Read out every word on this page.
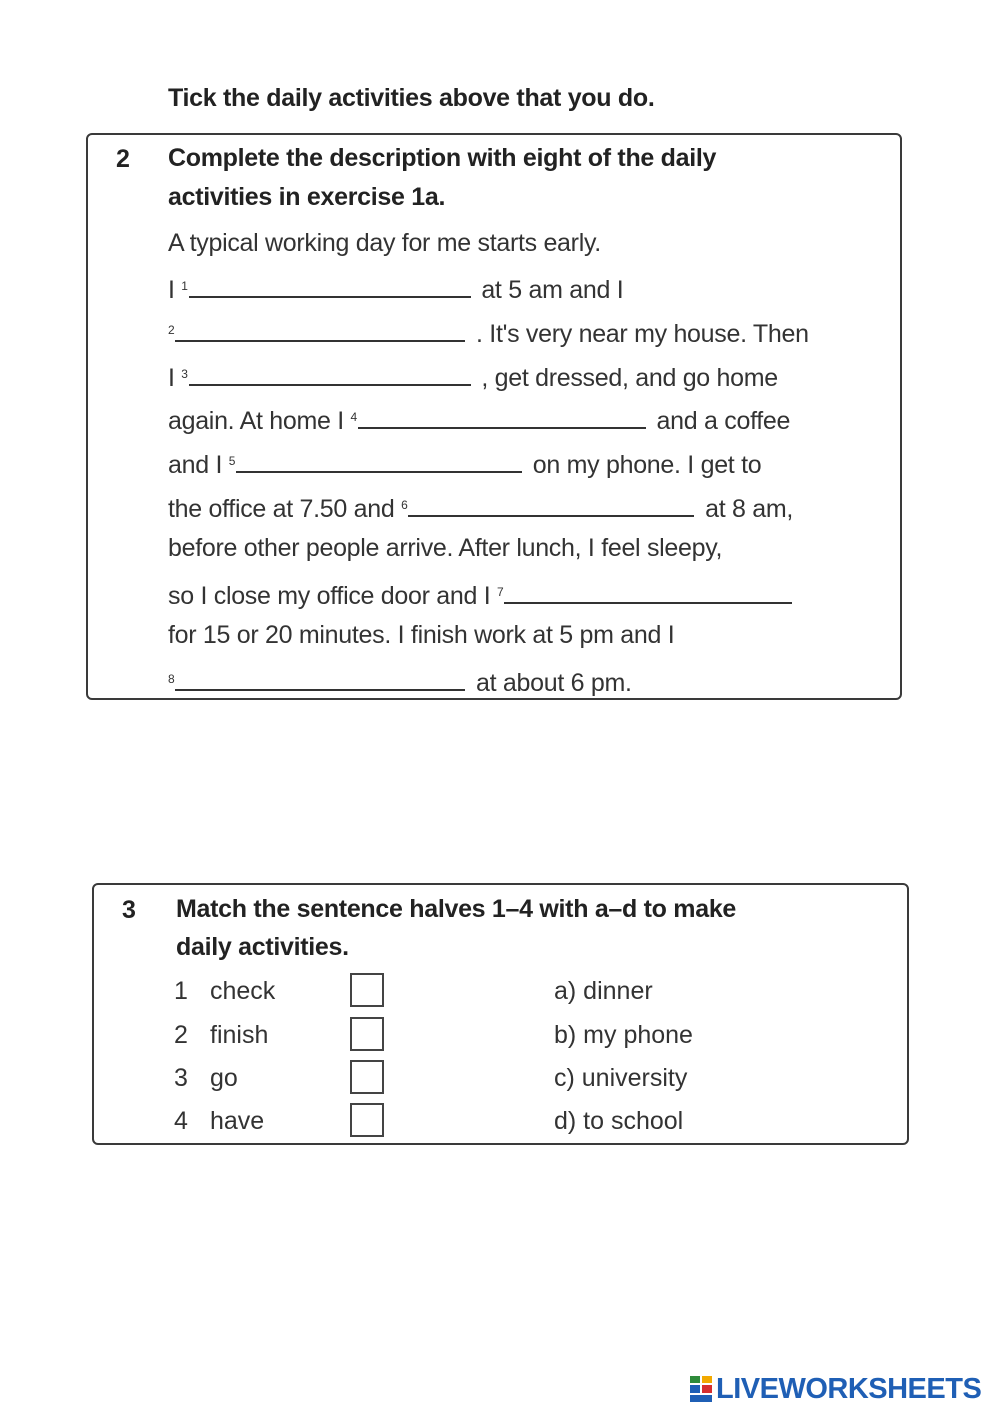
Tick the daily activities above that you do.
2 Complete the description with eight of the daily
activities in exercise 1a.
A typical working day for me starts early.
I $^1$	at 5 am and I
$^2$	. It's very near my house. Then
I $^3$	, get dressed, and go home
again. At home I $^4$	and a coffee
and I $^5$	on my phone. I get to
the office at 7.50 and $^6$	at 8 am,
before other people arrive. After lunch, I feel sleepy,
so I close my office door and I $^7$
for 15 or 20 minutes. I finish work at 5 pm and I
$^8$	at about 6 pm.
3 Match the sentence halves 1–4 with a–d to make
daily activities.
1 check	a) dinner
2 finish	b) my phone
3 go	c) university
4 have	d) to school
LIVEWORKSHEETS
